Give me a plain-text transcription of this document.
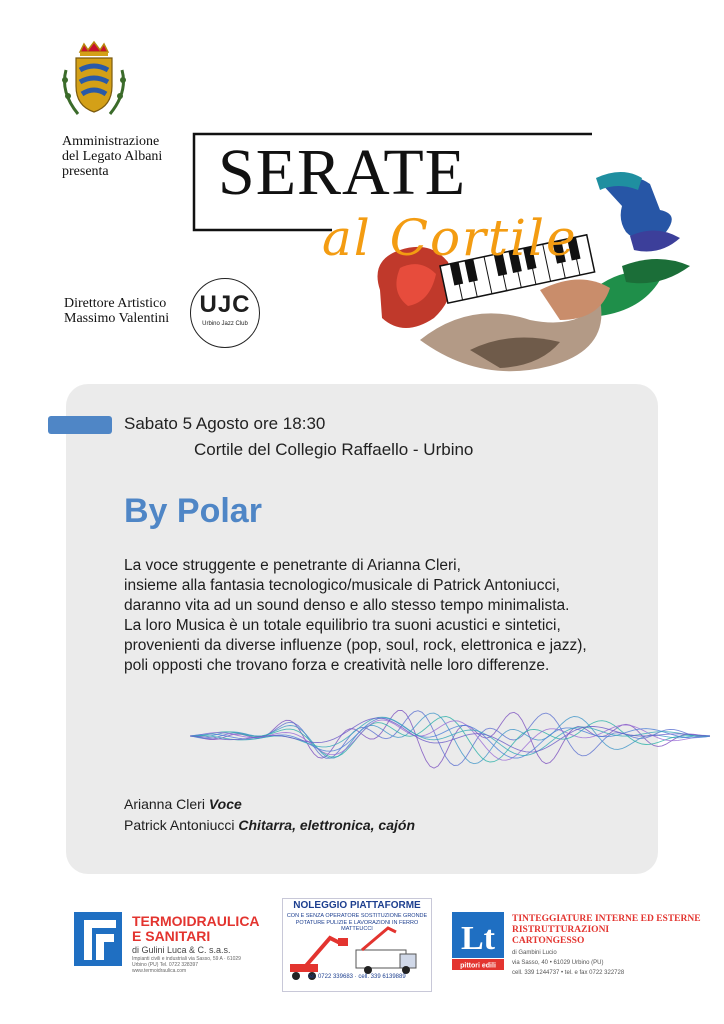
Amministrazione
del Legato Albani
presenta	SERATE
al Cortile
Direttore Artistico
Massimo Valentini
UJC
Urbino Jazz Club
Sabato 5 Agosto ore 18:30
Cortile del Collegio Raffaello - Urbino
By Polar
La voce struggente e penetrante di Arianna Cleri,
insieme alla fantasia tecnologico/musicale di Patrick Antoniucci,
daranno vita ad un sound denso e allo stesso tempo minimalista.
La loro Musica è un totale equilibrio tra suoni acustici e sintetici,
provenienti da diverse influenze (pop, soul, rock, elettronica e jazz),
poli opposti che trovano forza e creatività nelle loro differenze.
Arianna Cleri Voce
Patrick Antoniucci Chitarra, elettronica, cajón
TERMOIDRAULICA
E SANITARI
di Gulini Luca & C. s.a.s.
Impianti civili e industriali via Sasso, 59 A · 61029
Urbino (PU) Tel. 0722 328397
www.termoidraulica.com
NOLEGGIO PIATTAFORME
CON E SENZA OPERATORE SOSTITUZIONE GRONDE
POTATURE PULIZIE E LAVORAZIONI IN FERRO
MATTEUCCI
tel. 0722 339683 · cell. 339 6139889
Lt
pittori edili
TINTEGGIATURE INTERNE ED ESTERNE
RISTRUTTURAZIONI
CARTONGESSO
di Gambini Lucio
via Sasso, 40 • 61029 Urbino (PU)
cell. 339 1244737 • tel. e fax 0722 322728
